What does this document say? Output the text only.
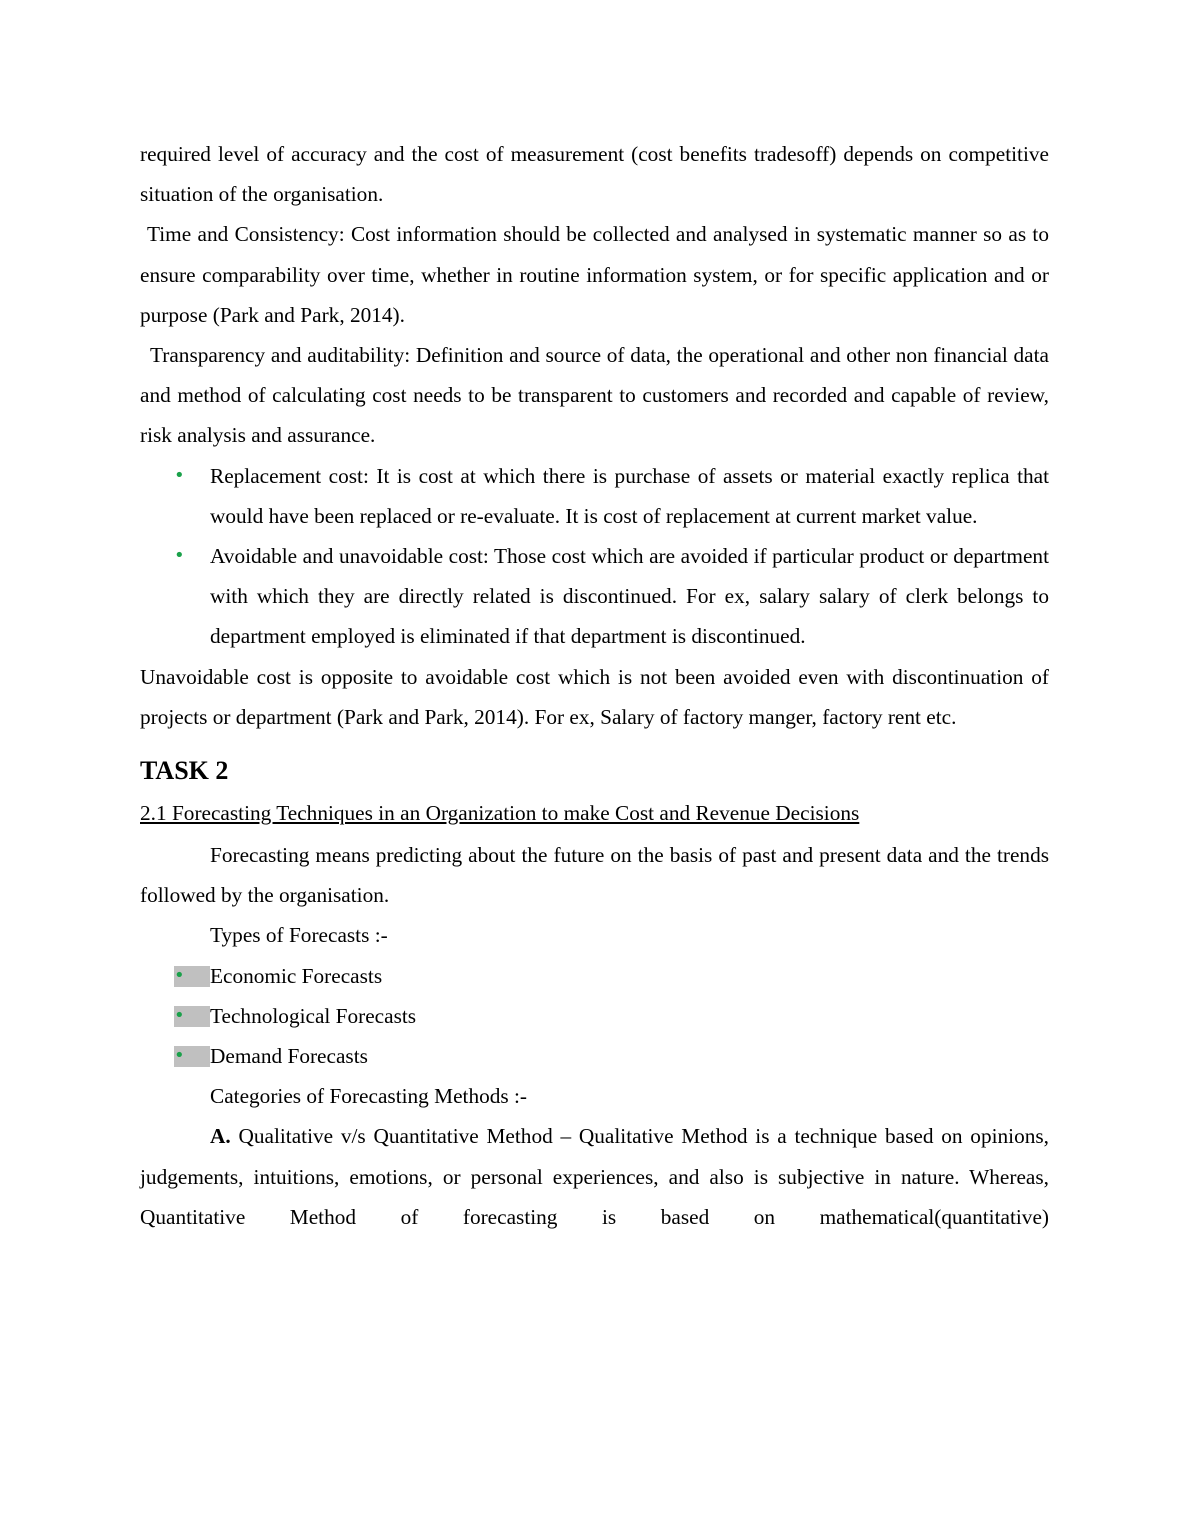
required level of accuracy and the cost of measurement (cost benefits tradesoff) depends on competitive situation of the organisation.

Time and Consistency: Cost information should be collected and analysed in systematic manner so as to ensure comparability over time, whether in routine information system, or for specific application and or purpose (Park and Park, 2014).

Transparency and auditability: Definition and source of data, the operational and other non financial data and method of calculating cost needs to be transparent to customers and recorded and capable of review, risk analysis and assurance.

• Replacement cost: It is cost at which there is purchase of assets or material exactly replica that would have been replaced or re-evaluate. It is cost of replacement at current market value.
• Avoidable and unavoidable cost: Those cost which are avoided if particular product or department with which they are directly related is discontinued. For ex, salary salary of clerk belongs to department employed is eliminated if that department is discontinued.

Unavoidable cost is opposite to avoidable cost which is not been avoided even with discontinuation of projects or department (Park and Park, 2014). For ex, Salary of factory manger, factory rent etc.

TASK 2

2.1 Forecasting Techniques in an Organization to make Cost and Revenue Decisions

Forecasting means predicting about the future on the basis of past and present data and the trends followed by the organisation.

Types of Forecasts :-

• Economic Forecasts
• Technological Forecasts
• Demand Forecasts

Categories of Forecasting Methods :-

A. Qualitative v/s Quantitative Method – Qualitative Method is a technique based on opinions, judgements, intuitions, emotions, or personal experiences, and also is subjective in nature. Whereas, Quantitative Method of forecasting is based on mathematical(quantitative)
